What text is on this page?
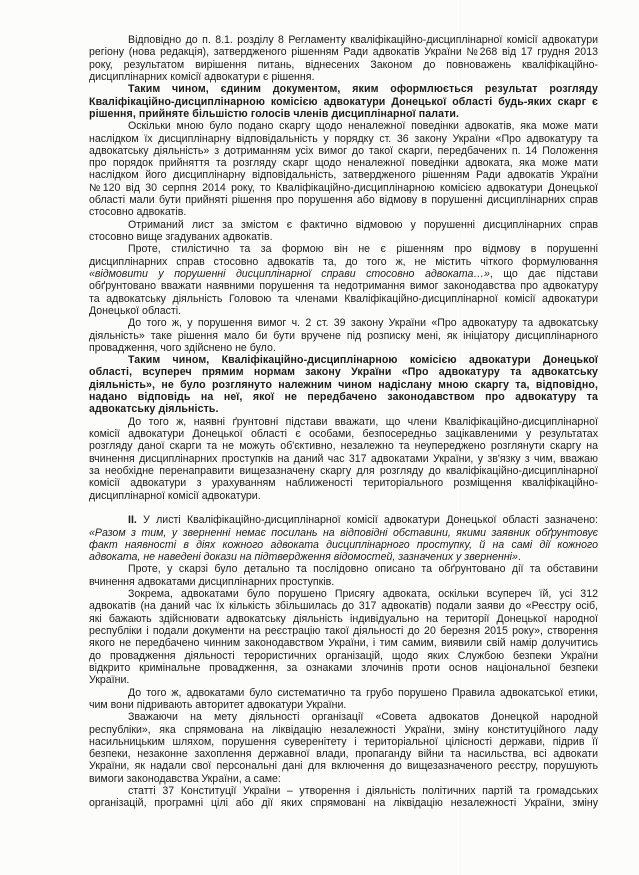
Відповідно до п. 8.1. розділу 8 Регламенту кваліфікаційно-дисциплінарної комісії адвокатури
регіону (нова редакція), затвердженого рішенням Ради адвокатів України №268 від 17 грудня 2013
року, результатом вирішення питань, віднесених Законом до повноважень кваліфікаційно-
дисциплінарних комісії адвокатури є рішення.
Таким чином, єдиним документом, яким оформлюється результат розгляду
Кваліфікаційно-дисциплінарною комісією адвокатури Донецької області будь-яких скарг є
рішення, прийняте більшістю голосів членів дисциплінарної палати.
Оскільки мною було подано скаргу щодо неналежної поведінки адвокатів, яка може мати
наслідком їх дисциплінарну відповідальність у порядку ст. 36 закону України «Про адвокатуру та
адвокатську діяльність» з дотриманням усіх вимог до такої скарги, передбачених п. 14 Положення
про порядок прийняття та розгляду скарг щодо неналежної поведінки адвоката, яка може мати
наслідком його дисциплінарну відповідальність, затвердженого рішенням Ради адвокатів України
№120 від 30 серпня 2014 року, то Кваліфікаційно-дисциплінарною комісією адвокатури Донецької
області мали бути прийняті рішення про порушення або відмову в порушенні дисциплінарних справ
стосовно адвокатів.
Отриманий лист за змістом є фактично відмовою у порушенні дисциплінарних справ
стосовно вище згадуваних адвокатів.
Проте, стилістично та за формою він не є рішенням про відмову в порушенні
дисциплінарних справ стосовно адвокатів та, до того ж, не містить чіткого формулювання
«відмовити у порушенні дисциплінарної справи стосовно адвоката…», що дає підстави
обґрунтовано вважати наявними порушення та недотримання вимог законодавства про адвокатуру
та адвокатську діяльність Головою та членами Кваліфікаційно-дисциплінарної комісії адвокатури
Донецької області.
До того ж, у порушення вимог ч. 2 ст. 39 закону України «Про адвокатуру та адвокатську
діяльність» таке рішення мало би бути вручене під розписку мені, як ініціатору дисциплінарного
провадження, чого здійснено не було.
Таким чином, Кваліфікаційно-дисциплінарною комісією адвокатури Донецької
області, всупереч прямим нормам закону України «Про адвокатуру та адвокатську
діяльність», не було розглянуто належним чином надіслану мною скаргу та, відповідно,
надано відповідь на неї, якої не передбачено законодавством про адвокатуру та
адвокатську діяльність.
До того ж, наявні ґрунтовні підстави вважати, що члени Кваліфікаційно-дисциплінарної
комісії адвокатури Донецької області є особами, безпосередньо зацікавленими у результатах
розгляду даної скарги та не можуть об'єктивно, незалежно та неупереджено розглянути скаргу на
вчинення дисциплінарних проступків на даний час 317 адвокатами України, у зв'язку з чим, вважаю
за необхідне перенаправити вищезазначену скаргу для розгляду до кваліфікаційно-дисциплінарної
комісії адвокатури з урахуванням наближеності територіального розміщення кваліфікаційно-
дисциплінарної комісії адвокатури.
II. У листі Кваліфікаційно-дисциплінарної комісії адвокатури Донецької області зазначено:
«Разом з тим, у зверненні немає посилань на відповідні обставини, якими заявник обґрунтовує
факт наявності в діях кожного адвоката дисциплінарного проступку, й на самі дії кожного
адвоката, не наведені докази на підтвердження відомостей, зазначених у зверненні».
Проте, у скарзі було детально та послідовно описано та обґрунтовано дії та обставини
вчинення адвокатами дисциплінарних проступків.
Зокрема, адвокатами було порушено Присягу адвоката, оскільки всупереч їй, усі 312
адвокатів (на даний час їх кількість збільшилась до 317 адвокатів) подали заяви до «Реєстру осіб,
які бажають здійснювати адвокатську діяльність індивідуально на території Донецької народної
республіки і подали документи на реєстрацію такої діяльності до 20 березня 2015 року», створення
якого не передбачено чинним законодавством України, і тим самим, виявили свій намір долучитись
до провадження діяльності терористичних організацій, щодо яких Службою безпеки України
відкрито кримінальне провадження, за ознаками злочинів проти основ національної безпеки
України.
До того ж, адвокатами було систематично та грубо порушено Правила адвокатської етики,
чим вони підривають авторитет адвокатури України.
Зважаючи на мету діяльності організації «Совета адвокатов Донецкой народной
республіки», яка спрямована на ліквідацію незалежності України, зміну конституційного ладу
насильницьким шляхом, порушення суверенітету і територіальної цілісності держави, підрив її
безпеки, незаконне захоплення державної влади, пропаганду війни та насильства, всі адвокати
України, як надали свої персональні дані для включення до вищезазначеного реєстру, порушують
вимоги законодавства України, а саме:
статті 37 Конституції України – утворення і діяльність політичних партій та громадських
організацій, програмні цілі або дії яких спрямовані на ліквідацію незалежності України, зміну
